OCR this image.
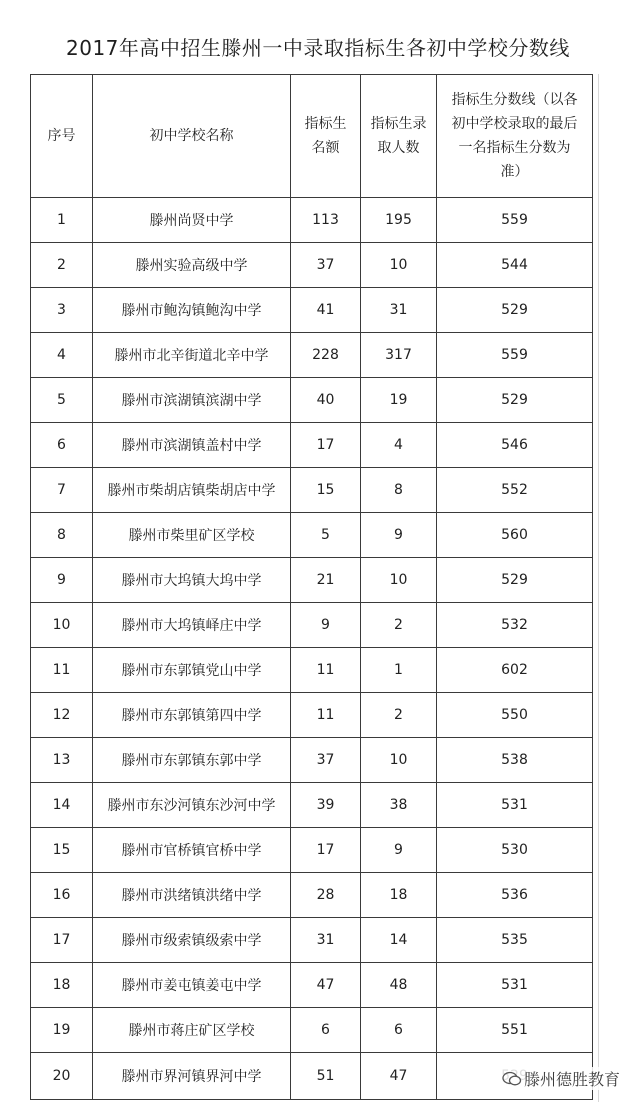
2017年高中招生滕州一中录取指标生各初中学校分数线
序号	初中学校名称	指标生名额	指标生录取人数	指标生分数线（以各初中学校录取的最后一名指标生分数为准）

1	滕州尚贤中学	113	195	559
2	滕州实验高级中学	37	10	544
3	滕州市鲍沟镇鲍沟中学	41	31	529
4	滕州市北辛街道北辛中学	228	317	559
5	滕州市滨湖镇滨湖中学	40	19	529
6	滕州市滨湖镇盖村中学	17	4	546
7	滕州市柴胡店镇柴胡店中学	15	8	552
8	滕州市柴里矿区学校	5	9	560
9	滕州市大坞镇大坞中学	21	10	529
10	滕州市大坞镇峄庄中学	9	2	532
11	滕州市东郭镇党山中学	11	1	602
12	滕州市东郭镇第四中学	11	2	550
13	滕州市东郭镇东郭中学	37	10	538
14	滕州市东沙河镇东沙河中学	39	38	531
15	滕州市官桥镇官桥中学	17	9	530
16	滕州市洪绪镇洪绪中学	28	18	536
17	滕州市级索镇级索中学	31	14	535
18	滕州市姜屯镇姜屯中学	47	48	531
19	滕州市蒋庄矿区学校	6	6	551
20	滕州市界河镇界河中学	51	47		滕州德胜教育
